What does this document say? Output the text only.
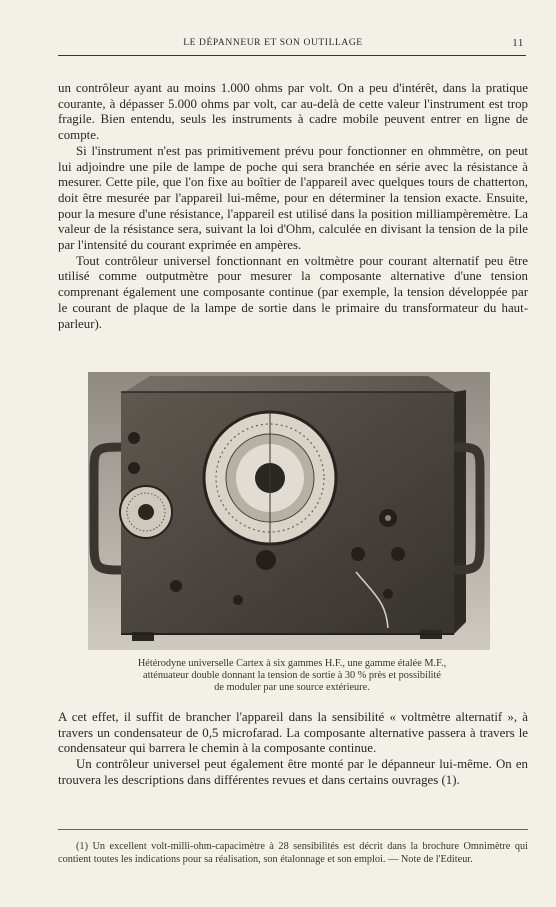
LE DÉPANNEUR ET SON OUTILLAGE	11

un contrôleur ayant au moins 1.000 ohms par volt. On a peu d'intérêt, dans la pratique courante, à dépasser 5.000 ohms par volt, car au-delà de cette valeur l'instrument est trop fragile. Bien entendu, seuls les instruments à cadre mobile peuvent entrer en ligne de compte.

Si l'instrument n'est pas primitivement prévu pour fonctionner en ohmmètre, on peut lui adjoindre une pile de lampe de poche qui sera branchée en série avec la résistance à mesurer. Cette pile, que l'on fixe au boîtier de l'appareil avec quelques tours de chatterton, doit être mesurée par l'appareil lui-même, pour en déterminer la tension exacte. Ensuite, pour la mesure d'une résistance, l'appareil est utilisé dans la position milliampèremètre. La valeur de la résistance sera, suivant la loi d'Ohm, calculée en divisant la tension de la pile par l'intensité du courant exprimée en ampères.

Tout contrôleur universel fonctionnant en voltmètre pour courant alternatif peu être utilisé comme outputmètre pour mesurer la composante alternative d'une tension comprenant également une composante continue (par exemple, la tension développée par le courant de plaque de la lampe de sortie dans le primaire du transformateur du haut-parleur).

Hétérodyne universelle Cartex à six gammes H.F., une gamme étalée M.F.,
atténuateur double donnant la tension de sortie à 30 % près et possibilité
de moduler par une source extérieure.

A cet effet, il suffit de brancher l'appareil dans la sensibilité « voltmètre alternatif », à travers un condensateur de 0,5 microfarad. La composante alternative passera à travers le condensateur qui barrera le chemin à la composante continue.

Un contrôleur universel peut également être monté par le dépanneur lui-même. On en trouvera les descriptions dans différentes revues et dans certains ouvrages (1).

(1) Un excellent volt-milli-ohm-capacimètre à 28 sensibilités est décrit dans la brochure Omnimètre qui contient toutes les indications pour sa réalisation, son étalonnage et son emploi. — Note de l'Editeur.
